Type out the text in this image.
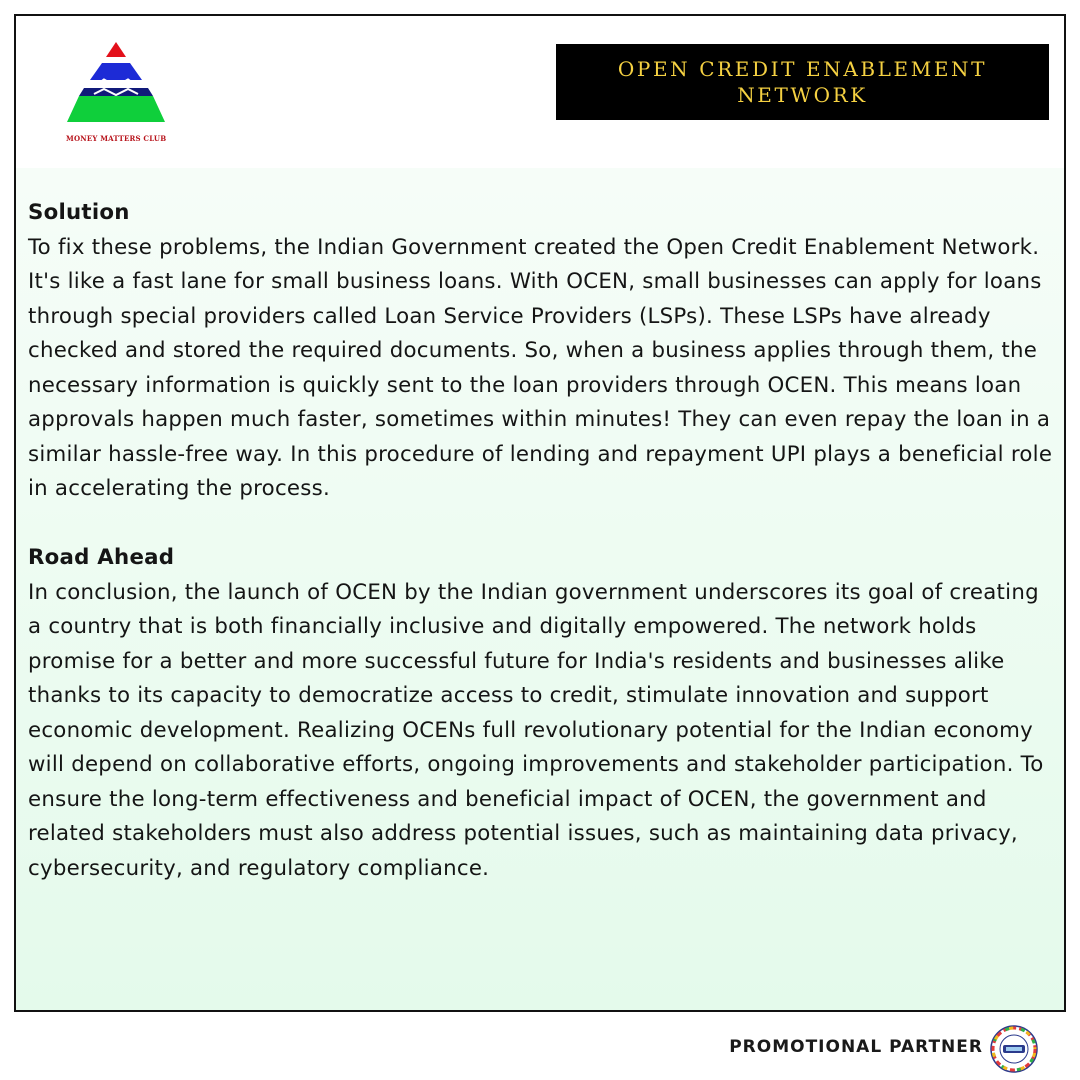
MONEY MATTERS CLUB
OPEN CREDIT ENABLEMENT NETWORK
Solution
To fix these problems, the Indian Government created the Open Credit Enablement Network. It's like a fast lane for small business loans. With OCEN, small businesses can apply for loans through special providers called Loan Service Providers (LSPs). These LSPs have already checked and stored the required documents. So, when a business applies through them, the necessary information is quickly sent to the loan providers through OCEN. This means loan approvals happen much faster, sometimes within minutes! They can even repay the loan in a similar hassle-free way. In this procedure of lending and repayment UPI plays a beneficial role in accelerating the process.
Road Ahead
In conclusion, the launch of OCEN by the Indian government underscores its goal of creating a country that is both financially inclusive and digitally empowered. The network holds promise for a better and more successful future for India's residents and businesses alike thanks to its capacity to democratize access to credit, stimulate innovation and support economic development. Realizing OCENs full revolutionary potential for the Indian economy will depend on collaborative efforts, ongoing improvements and stakeholder participation. To ensure the long-term effectiveness and beneficial impact of OCEN, the government and related stakeholders must also address potential issues, such as maintaining data privacy, cybersecurity, and regulatory compliance.
PROMOTIONAL PARTNER
